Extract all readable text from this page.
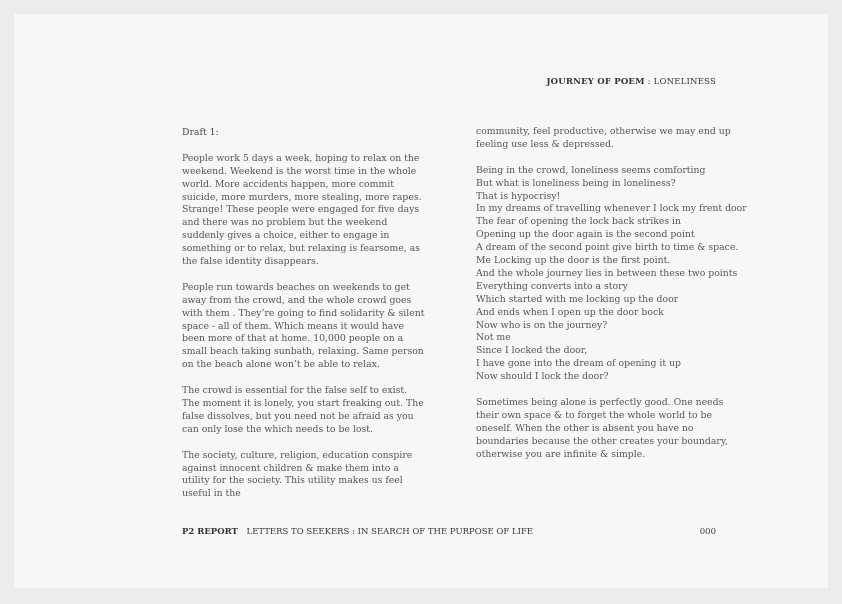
JOURNEY OF POEM : LONELINESS

Draft 1:

People work 5 days a week, hoping to relax on the weekend. Weekend is the worst time in the whole world. More accidents happen, more commit suicide, more murders, more stealing, more rapes. Strange! These people were engaged for five days and there was no problem but the weekend suddenly gives a choice, either to engage in something or to relax, but relaxing is fearsome, as the false identity disappears.

People run towards beaches on weekends to get away from the crowd, and the whole crowd goes with them . They’re going to find solidarity & silent space - all of them. Which means it would have been more of that at home. 10,000 people on a small beach taking sunbath, relaxing. Same person on the beach alone won’t be able to relax.

The crowd is essential for the false self to exist. The moment it is lonely, you start freaking out. The false dissolves, but you need not be afraid as you can only lose the which needs to be lost.

The society, culture, religion, education conspire against innocent children & make them into a utility for the society. This utility makes us feel useful in the

community, feel productive, otherwise we may end up feeling use less & depressed.

Being in the crowd, loneliness seems comforting
But what is loneliness being in loneliness?
That is hypocrisy!
In my dreams of travelling whenever I lock my frent door
The fear of opening the lock back strikes in
Opening up the door again is the second point
A dream of the second point give birth to time & space.
Me Locking up the door is the first point.
And the whole journey lies in between these two points
Everything converts into a story
Which started with me locking up the door
And ends when I open up the door bock
Now who is on the journey?
Not me
Since I locked the door,
I have gone into the dream of opening it up
Now should I lock the door?

Sometimes being alone is perfectly good. One needs their own space & to forget the whole world to be oneself. When the other is absent you have no boundaries because the other creates your boundary, otherwise you are infinite & simple.

P2 REPORT LETTERS TO SEEKERS : IN SEARCH OF THE PURPOSE OF LIFE	000
